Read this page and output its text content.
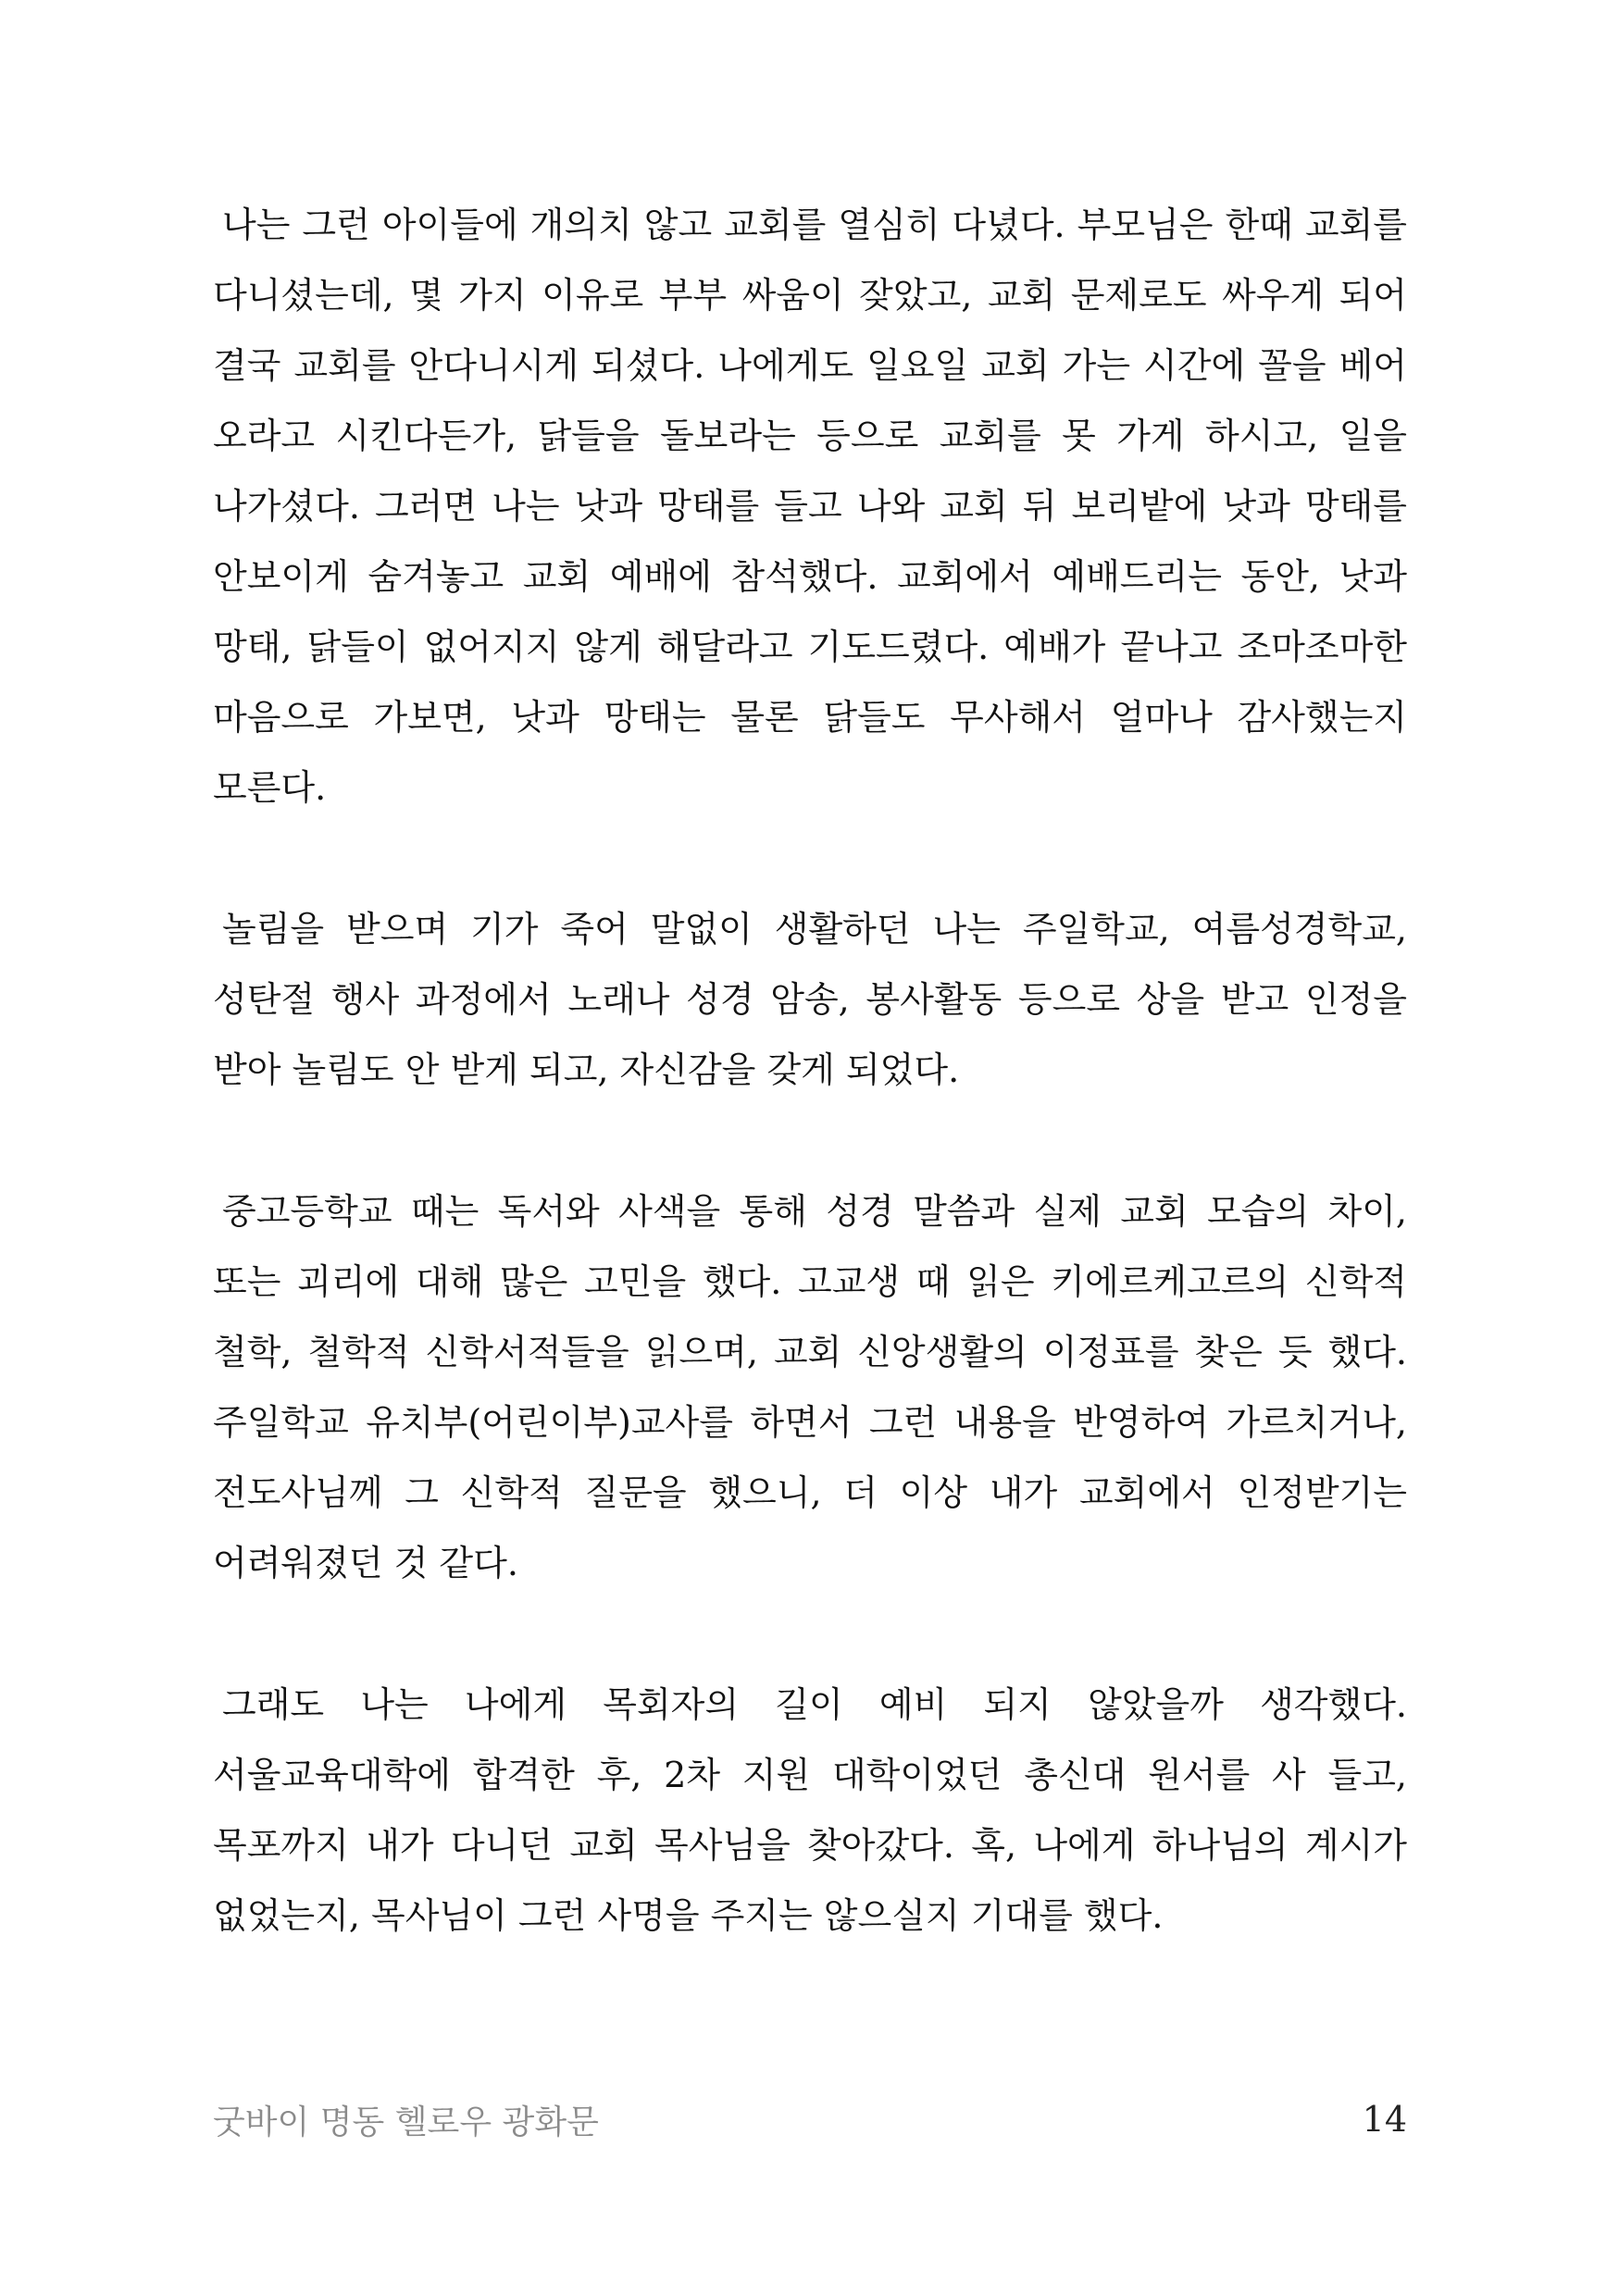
나는 그런 아이들에 개의치 않고 교회를 열심히 다녔다. 부모님은 한때 교회를 다니셨는데, 몇 가지 이유로 부부 싸움이 잦았고, 교회 문제로도 싸우게 되어 결국 교회를 안다니시게 되셨다. 나에게도 일요일 교회 가는 시간에 꼴을 베어 오라고 시킨다든가, 닭들을 돌보라는 등으로 교회를 못 가게 하시고, 일을 나가셨다. 그러면 나는 낫과 망태를 들고 나와 교회 뒤 보리밭에 낫과 망태를 안보이게 숨겨놓고 교회 예배에 참석했다. 교회에서 예배드리는 동안, 낫과 망태, 닭들이 없어지지 않게 해달라고 기도드렸다. 예배가 끝나고 조마조마한 마음으로 가보면, 낫과 망태는 물론 닭들도 무사해서 얼마나 감사했는지 모른다.

놀림을 받으며 기가 죽어 말없이 생활하던 나는 주일학교, 여름성경학교, 성탄절 행사 과정에서 노래나 성경 암송, 봉사활동 등으로 상을 받고 인정을 받아 놀림도 안 받게 되고, 자신감을 갖게 되었다.

중고등학교 때는 독서와 사색을 통해 성경 말씀과 실제 교회 모습의 차이, 또는 괴리에 대해 많은 고민을 했다. 고교생 때 읽은 키에르케고르의 신학적 철학, 철학적 신학서적들을 읽으며, 교회 신앙생활의 이정표를 찾은 듯 했다. 주일학교 유치부(어린이부)교사를 하면서 그런 내용을 반영하여 가르치거나, 전도사님께 그 신학적 질문을 했으니, 더 이상 내가 교회에서 인정받기는 어려워졌던 것 같다.

그래도 나는 나에게 목회자의 길이 예비 되지 않았을까 생각했다. 서울교육대학에 합격한 후, 2차 지원 대학이었던 총신대 원서를 사 들고, 목포까지 내가 다니던 교회 목사님을 찾아갔다. 혹, 나에게 하나님의 계시가 없었는지, 목사님이 그런 사명을 주지는 않으실지 기대를 했다.

굿바이 명동 헬로우 광화문	14
